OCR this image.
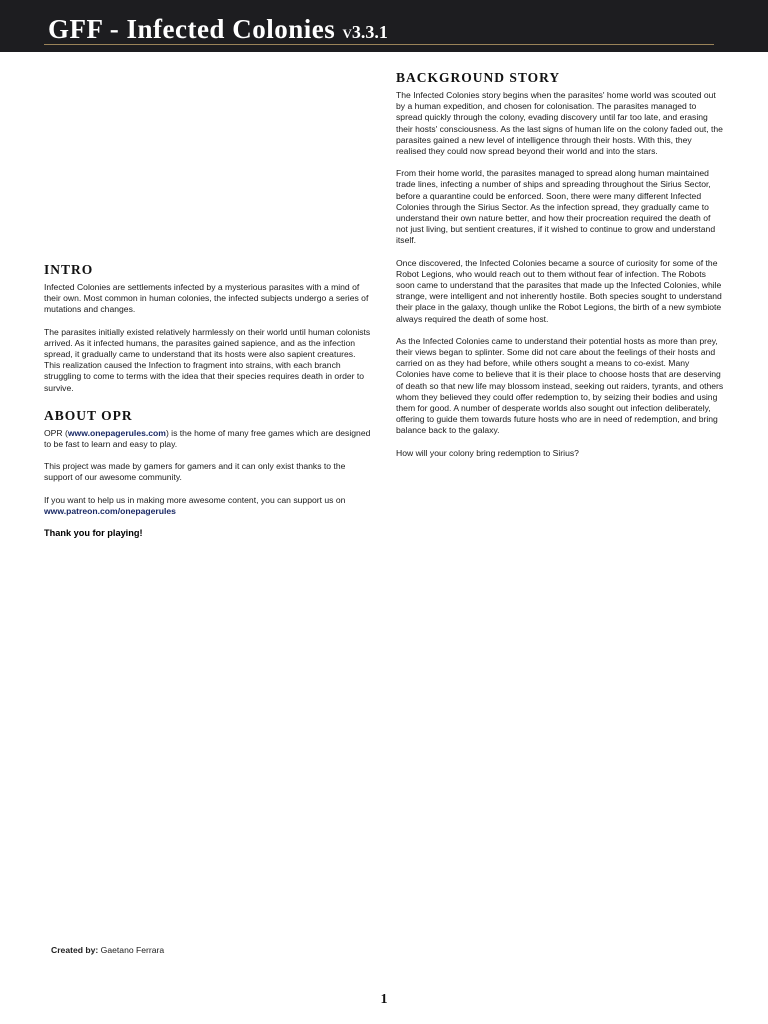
GFF - Infected Colonies v3.3.1
INTRO

Infected Colonies are settlements infected by a mysterious parasites with a mind of their own. Most common in human colonies, the infected subjects undergo a series of mutations and changes.

The parasites initially existed relatively harmlessly on their world until human colonists arrived. As it infected humans, the parasites gained sapience, and as the infection spread, it gradually came to understand that its hosts were also sapient creatures. This realization caused the Infection to fragment into strains, with each branch struggling to come to terms with the idea that their species requires death in order to survive.

ABOUT OPR

OPR (www.onepagerules.com) is the home of many free games which are designed to be fast to learn and easy to play.

This project was made by gamers for gamers and it can only exist thanks to the support of our awesome community.

If you want to help us in making more awesome content, you can support us on www.patreon.com/onepagerules

Thank you for playing!

BACKGROUND STORY

The Infected Colonies story begins when the parasites' home world was scouted out by a human expedition, and chosen for colonisation. The parasites managed to spread quickly through the colony, evading discovery until far too late, and erasing their hosts' consciousness. As the last signs of human life on the colony faded out, the parasites gained a new level of intelligence through their hosts. With this, they realised they could now spread beyond their world and into the stars.

From their home world, the parasites managed to spread along human maintained trade lines, infecting a number of ships and spreading throughout the Sirius Sector, before a quarantine could be enforced. Soon, there were many different Infected Colonies through the Sirius Sector. As the infection spread, they gradually came to understand their own nature better, and how their procreation required the death of not just living, but sentient creatures, if it wished to continue to grow and understand itself.

Once discovered, the Infected Colonies became a source of curiosity for some of the Robot Legions, who would reach out to them without fear of infection. The Robots soon came to understand that the parasites that made up the Infected Colonies, while strange, were intelligent and not inherently hostile. Both species sought to understand their place in the galaxy, though unlike the Robot Legions, the birth of a new symbiote always required the death of some host.

As the Infected Colonies came to understand their potential hosts as more than prey, their views began to splinter. Some did not care about the feelings of their hosts and carried on as they had before, while others sought a means to co-exist. Many Colonies have come to believe that it is their place to choose hosts that are deserving of death so that new life may blossom instead, seeking out raiders, tyrants, and others whom they believed they could offer redemption to, by seizing their bodies and using them for good. A number of desperate worlds also sought out infection deliberately, offering to guide them towards future hosts who are in need of redemption, and bring balance back to the galaxy.

How will your colony bring redemption to Sirius?

Created by: Gaetano Ferrara
1
